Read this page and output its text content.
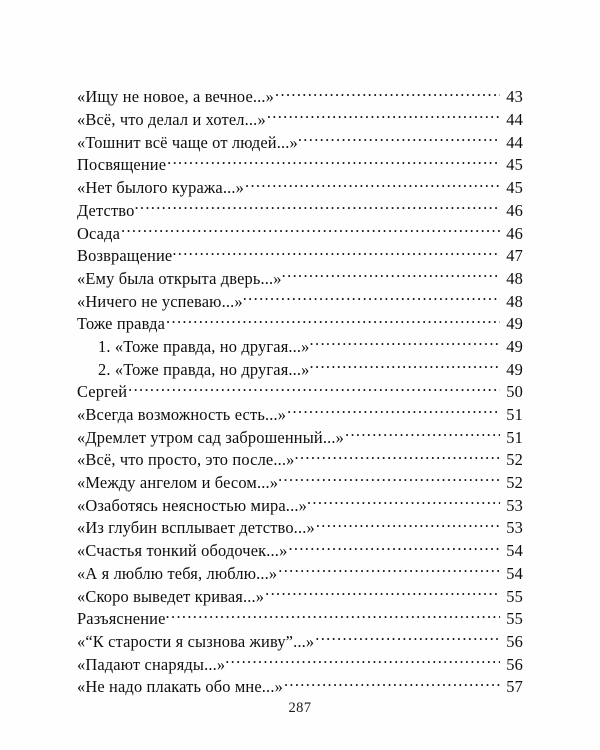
«Ищу не новое, а вечное...» .....	43
«Всё, что делал и хотел...» .....	44
«Тошнит всё чаще от людей...» .....	44
Посвящение .....	45
«Нет былого куража...» .....	45
Детство .....	46
Осада .....	46
Возвращение .....	47
«Ему была открыта дверь...» .....	48
«Ничего не успеваю...» .....	48
Тоже правда .....	49
1. «Тоже правда, но другая...» .....	49
2. «Тоже правда, но другая...» .....	49
Сергей .....	50
«Всегда возможность есть...» .....	51
«Дремлет утром сад заброшенный...» .....	51
«Всё, что просто, это после...» .....	52
«Между ангелом и бесом...» .....	52
«Озаботясь неясностью мира...» .....	53
«Из глубин всплывает детство...» .....	53
«Счастья тонкий ободочек...» .....	54
«А я люблю тебя, люблю...» .....	54
«Скоро выведет кривая...» .....	55
Разъяснение .....	55
«“К старости я сызнова живу”...» .....	56
«Падают снаряды...» .....	56
«Не надо плакать обо мне...» .....	57
287
